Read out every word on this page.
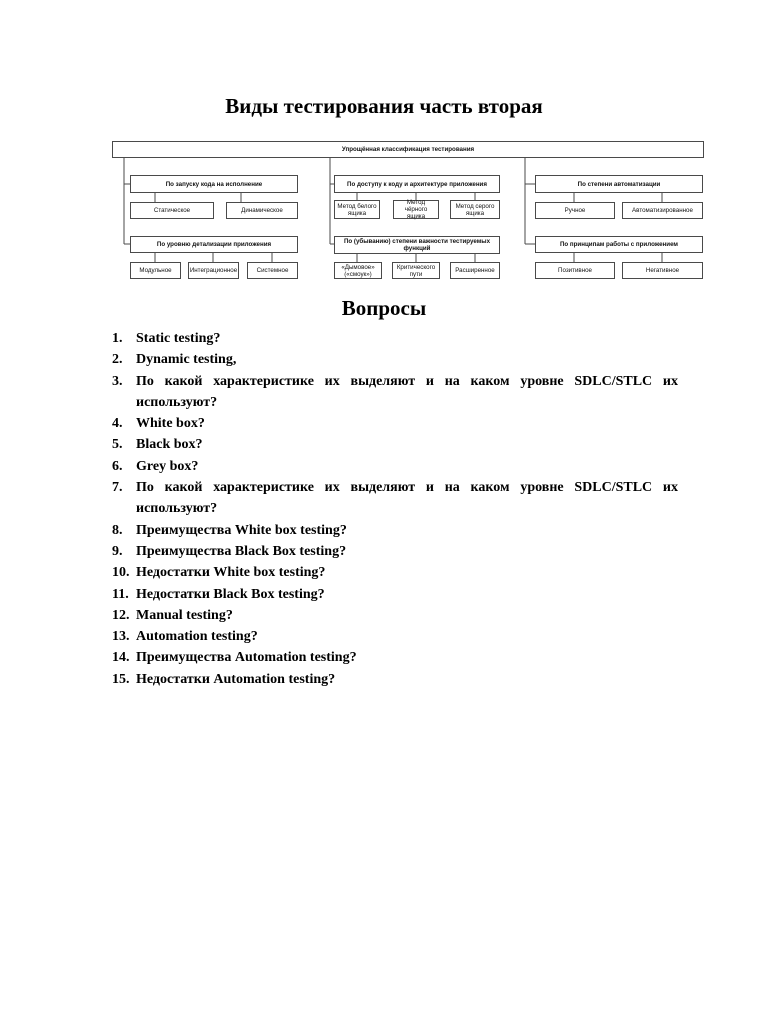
Виды тестирования часть вторая
Упрощённая классификация тестирования
По запуску кода на исполнение
Статическое	Динамическое
По уровню детализации приложения
Модульное	Интеграционное	Системное
По доступу к коду и архитектуре приложения
Метод белого
ящика
Метод чёрного
ящика
Метод серого
ящика
По (убыванию) степени важности тестируемых
функций
«Дымовое»
(«смоук»)
Критического
пути	Расширенное
По степени автоматизации
Ручное	Автоматизированное
По принципам работы с приложением
Позитивное	Негативное
Вопросы
1. Static testing?
2. Dynamic testing,
3. По какой характеристике их выделяют и на каком уровне SDLC/STLC их используют?
4. White box?
5. Black box?
6. Grey box?
7. По какой характеристике их выделяют и на каком уровне SDLC/STLC их используют?
8. Преимущества White box testing?
9. Преимущества Black Box testing?
10. Недостатки White box testing?
11. Недостатки Black Box testing?
12. Manual testing?
13. Automation testing?
14. Преимущества Automation testing?
15. Недостатки Automation testing?
